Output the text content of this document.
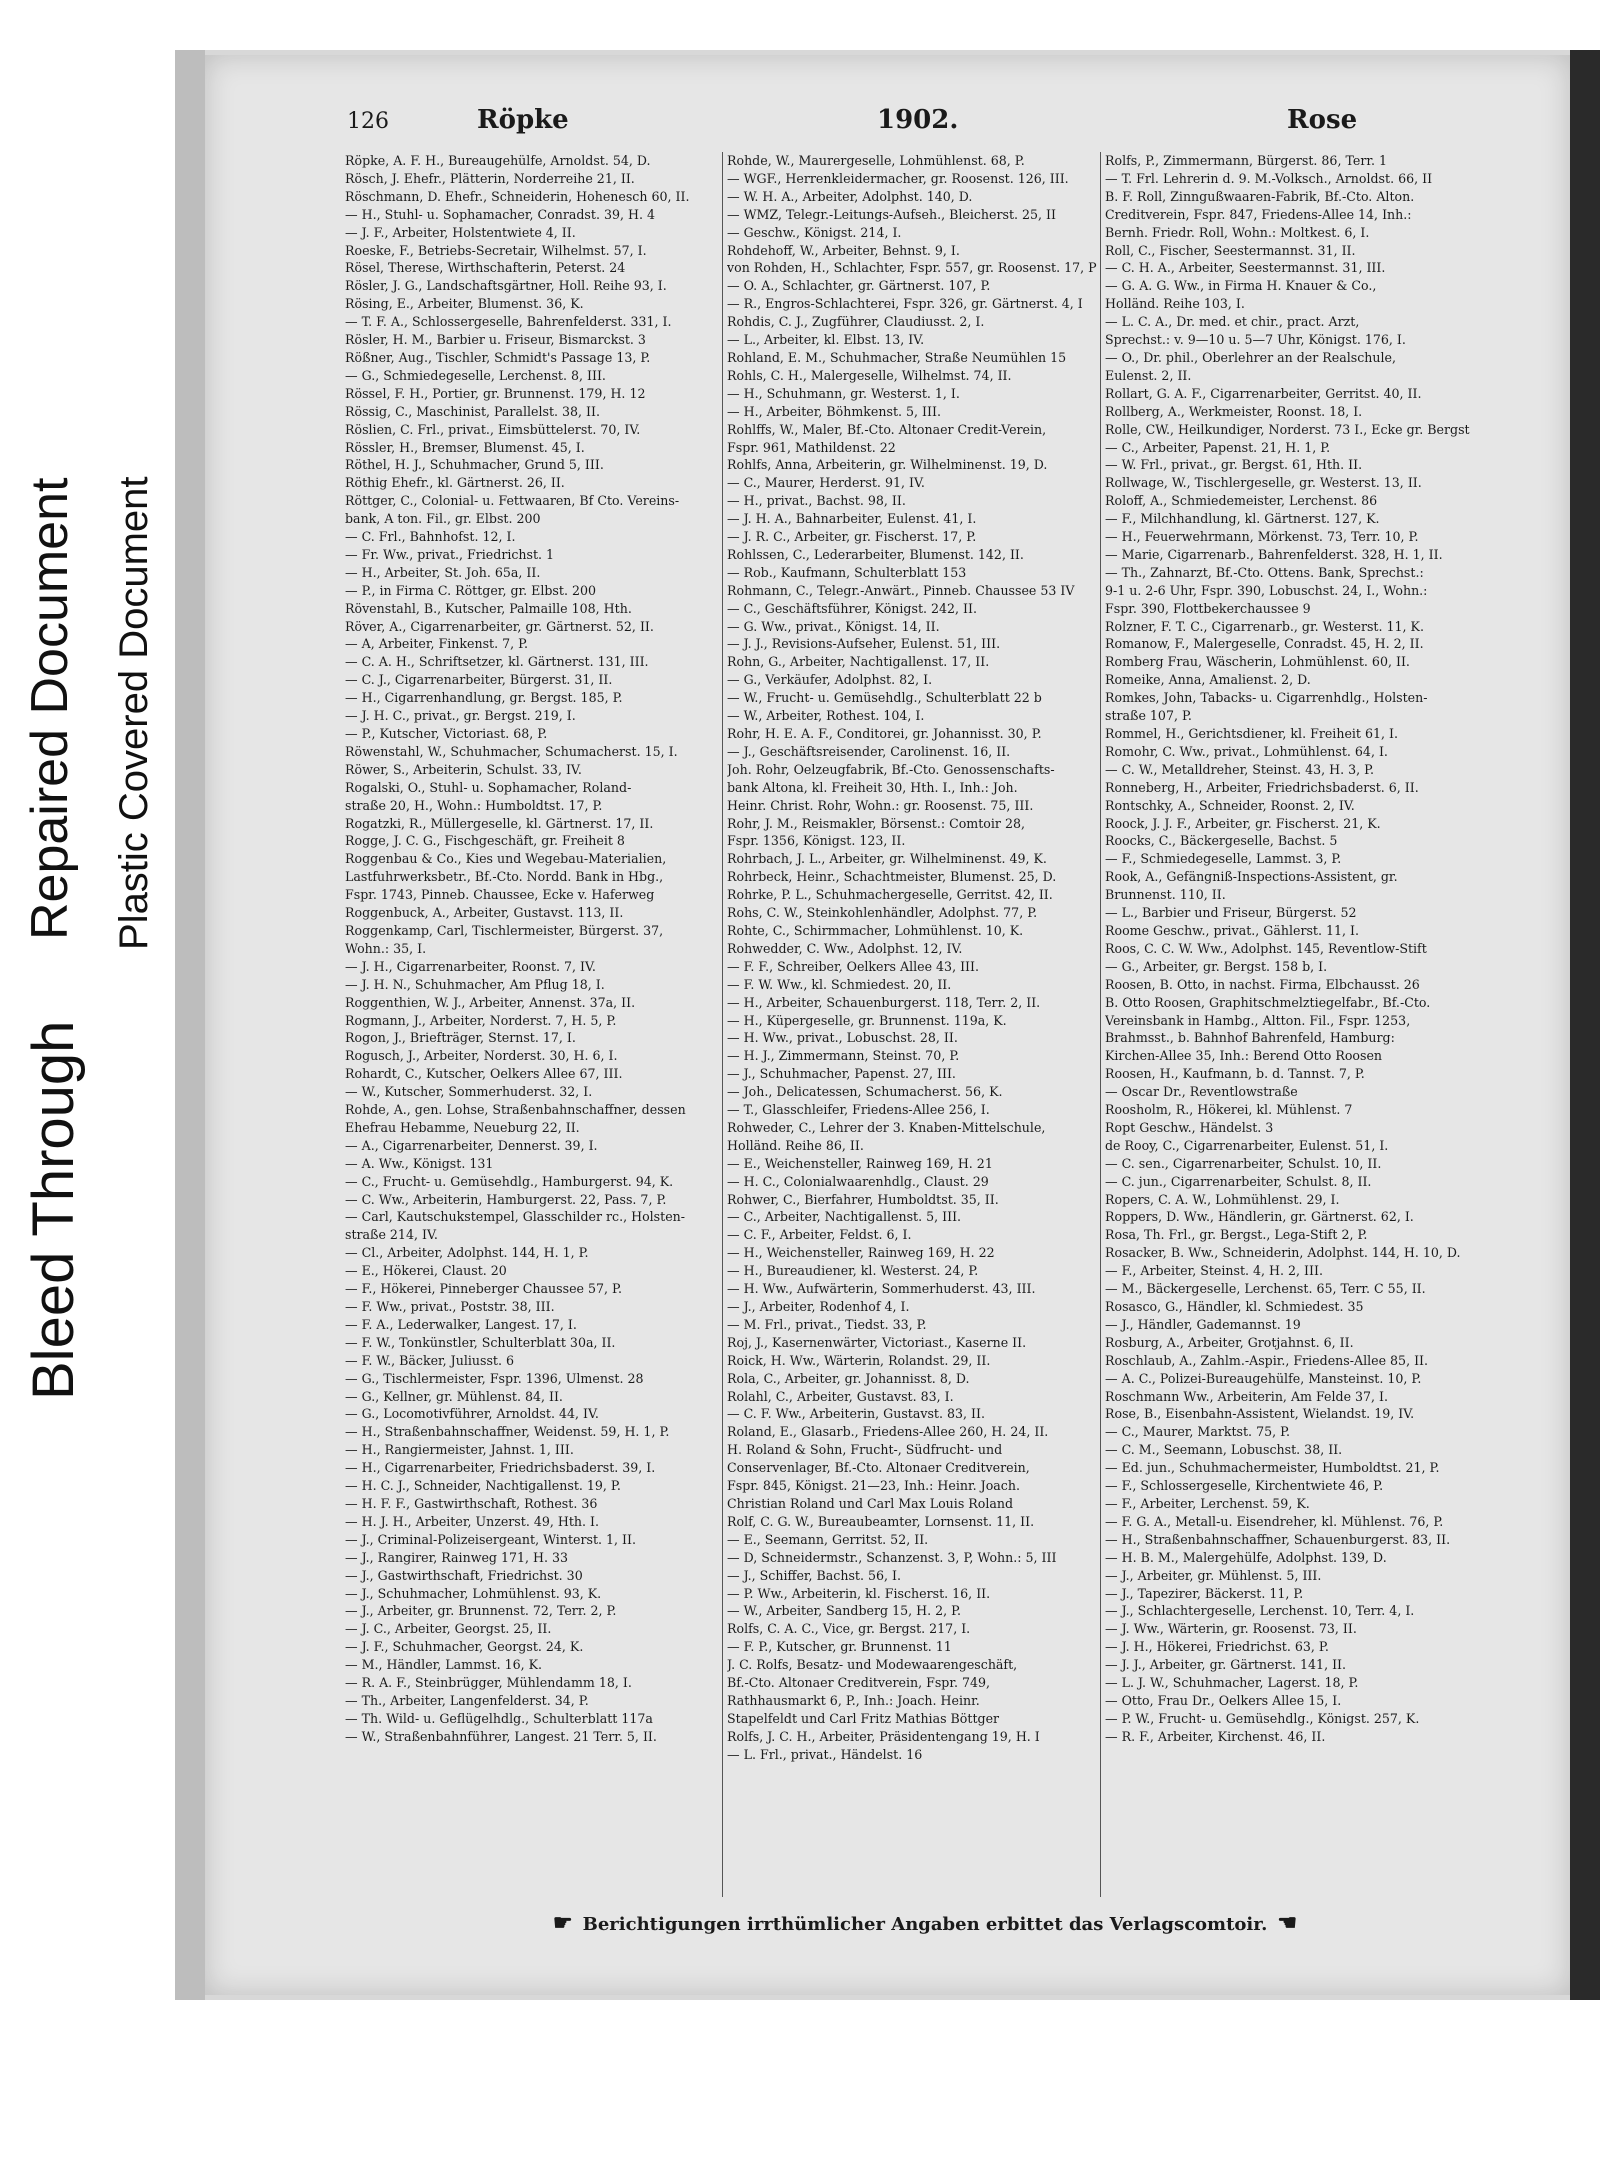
Bleed Through
Repaired Document Plastic Covered Document
126	Röpke	1902.	Rose
Röpke, A. F. H., Bureaugehülfe, Arnoldst. 54, D.
Rösch, J. Ehefr., Plätterin, Norderreihe 21, II.
Röschmann, D. Ehefr., Schneiderin, Hohenesch 60, II.
— H., Stuhl- u. Sophamacher, Conradst. 39, H. 4
— J. F., Arbeiter, Holstentwiete 4, II.
Roeske, F., Betriebs-Secretair, Wilhelmst. 57, I.
Rösel, Therese, Wirthschafterin, Peterst. 24
Rösler, J. G., Landschaftsgärtner, Holl. Reihe 93, I.
Rösing, E., Arbeiter, Blumenst. 36, K.
— T. F. A., Schlossergeselle, Bahrenfelderst. 331, I.
Rösler, H. M., Barbier u. Friseur, Bismarckst. 3
Rößner, Aug., Tischler, Schmidt's Passage 13, P.
— G., Schmiedegeselle, Lerchenst. 8, III.
Rössel, F. H., Portier, gr. Brunnenst. 179, H. 12
Rössig, C., Maschinist, Parallelst. 38, II.
Röslien, C. Frl., privat., Eimsbüttelerst. 70, IV.
Rössler, H., Bremser, Blumenst. 45, I.
Röthel, H. J., Schuhmacher, Grund 5, III.
Röthig Ehefr., kl. Gärtnerst. 26, II.
Röttger, C., Colonial- u. Fettwaaren, Bf Cto. Vereins-
bank, A ton. Fil., gr. Elbst. 200
— C. Frl., Bahnhofst. 12, I.
— Fr. Ww., privat., Friedrichst. 1
— H., Arbeiter, St. Joh. 65a, II.
— P., in Firma C. Röttger, gr. Elbst. 200
Rövenstahl, B., Kutscher, Palmaille 108, Hth.
Röver, A., Cigarrenarbeiter, gr. Gärtnerst. 52, II.
— A, Arbeiter, Finkenst. 7, P.
— C. A. H., Schriftsetzer, kl. Gärtnerst. 131, III.
— C. J., Cigarrenarbeiter, Bürgerst. 31, II.
— H., Cigarrenhandlung, gr. Bergst. 185, P.
— J. H. C., privat., gr. Bergst. 219, I.
— P., Kutscher, Victoriast. 68, P.
Röwenstahl, W., Schuhmacher, Schumacherst. 15, I.
Röwer, S., Arbeiterin, Schulst. 33, IV.
Rogalski, O., Stuhl- u. Sophamacher, Roland-
straße 20, H., Wohn.: Humboldtst. 17, P.
Rogatzki, R., Müllergeselle, kl. Gärtnerst. 17, II.
Rogge, J. C. G., Fischgeschäft, gr. Freiheit 8
Roggenbau & Co., Kies und Wegebau-Materialien,
Lastfuhrwerksbetr., Bf.-Cto. Nordd. Bank in Hbg.,
Fspr. 1743, Pinneb. Chaussee, Ecke v. Haferweg
Roggenbuck, A., Arbeiter, Gustavst. 113, II.
Roggenkamp, Carl, Tischlermeister, Bürgerst. 37,
Wohn.: 35, I.
— J. H., Cigarrenarbeiter, Roonst. 7, IV.
— J. H. N., Schuhmacher, Am Pflug 18, I.
Roggenthien, W. J., Arbeiter, Annenst. 37a, II.
Rogmann, J., Arbeiter, Norderst. 7, H. 5, P.
Rogon, J., Briefträger, Sternst. 17, I.
Rogusch, J., Arbeiter, Norderst. 30, H. 6, I.
Rohardt, C., Kutscher, Oelkers Allee 67, III.
— W., Kutscher, Sommerhuderst. 32, I.
Rohde, A., gen. Lohse, Straßenbahnschaffner, dessen
Ehefrau Hebamme, Neueburg 22, II.
— A., Cigarrenarbeiter, Dennerst. 39, I.
— A. Ww., Königst. 131
— C., Frucht- u. Gemüsehdlg., Hamburgerst. 94, K.
— C. Ww., Arbeiterin, Hamburgerst. 22, Pass. 7, P.
— Carl, Kautschukstempel, Glasschilder rc., Holsten-
straße 214, IV.
— Cl., Arbeiter, Adolphst. 144, H. 1, P.
— E., Hökerei, Claust. 20
— F., Hökerei, Pinneberger Chaussee 57, P.
— F. Ww., privat., Poststr. 38, III.
— F. A., Lederwalker, Langest. 17, I.
— F. W., Tonkünstler, Schulterblatt 30a, II.
— F. W., Bäcker, Juliusst. 6
— G., Tischlermeister, Fspr. 1396, Ulmenst. 28
— G., Kellner, gr. Mühlenst. 84, II.
— G., Locomotivführer, Arnoldst. 44, IV.
— H., Straßenbahnschaffner, Weidenst. 59, H. 1, P.
— H., Rangiermeister, Jahnst. 1, III.
— H., Cigarrenarbeiter, Friedrichsbaderst. 39, I.
— H. C. J., Schneider, Nachtigallenst. 19, P.
— H. F. F., Gastwirthschaft, Rothest. 36
— H. J. H., Arbeiter, Unzerst. 49, Hth. I.
— J., Criminal-Polizeisergeant, Winterst. 1, II.
— J., Rangirer, Rainweg 171, H. 33
— J., Gastwirthschaft, Friedrichst. 30
— J., Schuhmacher, Lohmühlenst. 93, K.
— J., Arbeiter, gr. Brunnenst. 72, Terr. 2, P.
— J. C., Arbeiter, Georgst. 25, II.
— J. F., Schuhmacher, Georgst. 24, K.
— M., Händler, Lammst. 16, K.
— R. A. F., Steinbrügger, Mühlendamm 18, I.
— Th., Arbeiter, Langenfelderst. 34, P.
— Th. Wild- u. Geflügelhdlg., Schulterblatt 117a
— W., Straßenbahnführer, Langest. 21 Terr. 5, II.
Rohde, W., Maurergeselle, Lohmühlenst. 68, P.
— WGF., Herrenkleidermacher, gr. Roosenst. 126, III.
— W. H. A., Arbeiter, Adolphst. 140, D.
— WMZ, Telegr.-Leitungs-Aufseh., Bleicherst. 25, II
— Geschw., Königst. 214, I.
Rohdehoff, W., Arbeiter, Behnst. 9, I.
von Rohden, H., Schlachter, Fspr. 557, gr. Roosenst. 17, P
— O. A., Schlachter, gr. Gärtnerst. 107, P.
— R., Engros-Schlachterei, Fspr. 326, gr. Gärtnerst. 4, I
Rohdis, C. J., Zugführer, Claudiusst. 2, I.
— L., Arbeiter, kl. Elbst. 13, IV.
Rohland, E. M., Schuhmacher, Straße Neumühlen 15
Rohls, C. H., Malergeselle, Wilhelmst. 74, II.
— H., Schuhmann, gr. Westerst. 1, I.
— H., Arbeiter, Böhmkenst. 5, III.
Rohlffs, W., Maler, Bf.-Cto. Altonaer Credit-Verein,
Fspr. 961, Mathildenst. 22
Rohlfs, Anna, Arbeiterin, gr. Wilhelminenst. 19, D.
— C., Maurer, Herderst. 91, IV.
— H., privat., Bachst. 98, II.
— J. H. A., Bahnarbeiter, Eulenst. 41, I.
— J. R. C., Arbeiter, gr. Fischerst. 17, P.
Rohlssen, C., Lederarbeiter, Blumenst. 142, II.
— Rob., Kaufmann, Schulterblatt 153
Rohmann, C., Telegr.-Anwärt., Pinneb. Chaussee 53 IV
— C., Geschäftsführer, Königst. 242, II.
— G. Ww., privat., Königst. 14, II.
— J. J., Revisions-Aufseher, Eulenst. 51, III.
Rohn, G., Arbeiter, Nachtigallenst. 17, II.
— G., Verkäufer, Adolphst. 82, I.
— W., Frucht- u. Gemüsehdlg., Schulterblatt 22 b
— W., Arbeiter, Rothest. 104, I.
Rohr, H. E. A. F., Conditorei, gr. Johannisst. 30, P.
— J., Geschäftsreisender, Carolinenst. 16, II.
Joh. Rohr, Oelzeugfabrik, Bf.-Cto. Genossenschafts-
bank Altona, kl. Freiheit 30, Hth. I., Inh.: Joh.
Heinr. Christ. Rohr, Wohn.: gr. Roosenst. 75, III.
Rohr, J. M., Reismakler, Börsenst.: Comtoir 28,
Fspr. 1356, Königst. 123, II.
Rohrbach, J. L., Arbeiter, gr. Wilhelminenst. 49, K.
Rohrbeck, Heinr., Schachtmeister, Blumenst. 25, D.
Rohrke, P. L., Schuhmachergeselle, Gerritst. 42, II.
Rohs, C. W., Steinkohlenhändler, Adolphst. 77, P.
Rohte, C., Schirmmacher, Lohmühlenst. 10, K.
Rohwedder, C. Ww., Adolphst. 12, IV.
— F. F., Schreiber, Oelkers Allee 43, III.
— F. W. Ww., kl. Schmiedest. 20, II.
— H., Arbeiter, Schauenburgerst. 118, Terr. 2, II.
— H., Küpergeselle, gr. Brunnenst. 119a, K.
— H. Ww., privat., Lobuschst. 28, II.
— H. J., Zimmermann, Steinst. 70, P.
— J., Schuhmacher, Papenst. 27, III.
— Joh., Delicatessen, Schumacherst. 56, K.
— T., Glasschleifer, Friedens-Allee 256, I.
Rohweder, C., Lehrer der 3. Knaben-Mittelschule,
Holländ. Reihe 86, II.
— E., Weichensteller, Rainweg 169, H. 21
— H. C., Colonialwaarenhdlg., Claust. 29
Rohwer, C., Bierfahrer, Humboldtst. 35, II.
— C., Arbeiter, Nachtigallenst. 5, III.
— C. F., Arbeiter, Feldst. 6, I.
— H., Weichensteller, Rainweg 169, H. 22
— H., Bureaudiener, kl. Westerst. 24, P.
— H. Ww., Aufwärterin, Sommerhuderst. 43, III.
— J., Arbeiter, Rodenhof 4, I.
— M. Frl., privat., Tiedst. 33, P.
Roj, J., Kasernenwärter, Victoriast., Kaserne II.
Roick, H. Ww., Wärterin, Rolandst. 29, II.
Rola, C., Arbeiter, gr. Johannisst. 8, D.
Rolahl, C., Arbeiter, Gustavst. 83, I.
— C. F. Ww., Arbeiterin, Gustavst. 83, II.
Roland, E., Glasarb., Friedens-Allee 260, H. 24, II.
H. Roland & Sohn, Frucht-, Südfrucht- und
Conservenlager, Bf.-Cto. Altonaer Creditverein,
Fspr. 845, Königst. 21—23, Inh.: Heinr. Joach.
Christian Roland und Carl Max Louis Roland
Rolf, C. G. W., Bureaubeamter, Lornsenst. 11, II.
— E., Seemann, Gerritst. 52, II.
— D, Schneidermstr., Schanzenst. 3, P, Wohn.: 5, III
— J., Schiffer, Bachst. 56, I.
— P. Ww., Arbeiterin, kl. Fischerst. 16, II.
— W., Arbeiter, Sandberg 15, H. 2, P.
Rolfs, C. A. C., Vice, gr. Bergst. 217, I.
— F. P., Kutscher, gr. Brunnenst. 11
J. C. Rolfs, Besatz- und Modewaarengeschäft,
Bf.-Cto. Altonaer Creditverein, Fspr. 749,
Rathhausmarkt 6, P., Inh.: Joach. Heinr.
Stapelfeldt und Carl Fritz Mathias Böttger
Rolfs, J. C. H., Arbeiter, Präsidentengang 19, H. I
— L. Frl., privat., Händelst. 16
Rolfs, P., Zimmermann, Bürgerst. 86, Terr. 1
— T. Frl. Lehrerin d. 9. M.-Volksch., Arnoldst. 66, II
B. F. Roll, Zinngußwaaren-Fabrik, Bf.-Cto. Alton.
Creditverein, Fspr. 847, Friedens-Allee 14, Inh.:
Bernh. Friedr. Roll, Wohn.: Moltkest. 6, I.
Roll, C., Fischer, Seestermannst. 31, II.
— C. H. A., Arbeiter, Seestermannst. 31, III.
— G. A. G. Ww., in Firma H. Knauer & Co.,
Holländ. Reihe 103, I.
— L. C. A., Dr. med. et chir., pract. Arzt,
Sprechst.: v. 9—10 u. 5—7 Uhr, Königst. 176, I.
— O., Dr. phil., Oberlehrer an der Realschule,
Eulenst. 2, II.
Rollart, G. A. F., Cigarrenarbeiter, Gerritst. 40, II.
Rollberg, A., Werkmeister, Roonst. 18, I.
Rolle, CW., Heilkundiger, Norderst. 73 I., Ecke gr. Bergst
— C., Arbeiter, Papenst. 21, H. 1, P.
— W. Frl., privat., gr. Bergst. 61, Hth. II.
Rollwage, W., Tischlergeselle, gr. Westerst. 13, II.
Roloff, A., Schmiedemeister, Lerchenst. 86
— F., Milchhandlung, kl. Gärtnerst. 127, K.
— H., Feuerwehrmann, Mörkenst. 73, Terr. 10, P.
— Marie, Cigarrenarb., Bahrenfelderst. 328, H. 1, II.
— Th., Zahnarzt, Bf.-Cto. Ottens. Bank, Sprechst.:
9-1 u. 2-6 Uhr, Fspr. 390, Lobuschst. 24, I., Wohn.:
Fspr. 390, Flottbekerchaussee 9
Rolzner, F. T. C., Cigarrenarb., gr. Westerst. 11, K.
Romanow, F., Malergeselle, Conradst. 45, H. 2, II.
Romberg Frau, Wäscherin, Lohmühlenst. 60, II.
Romeike, Anna, Amalienst. 2, D.
Romkes, John, Tabacks- u. Cigarrenhdlg., Holsten-
straße 107, P.
Rommel, H., Gerichtsdiener, kl. Freiheit 61, I.
Romohr, C. Ww., privat., Lohmühlenst. 64, I.
— C. W., Metalldreher, Steinst. 43, H. 3, P.
Ronneberg, H., Arbeiter, Friedrichsbaderst. 6, II.
Rontschky, A., Schneider, Roonst. 2, IV.
Roock, J. J. F., Arbeiter, gr. Fischerst. 21, K.
Roocks, C., Bäckergeselle, Bachst. 5
— F., Schmiedegeselle, Lammst. 3, P.
Rook, A., Gefängniß-Inspections-Assistent, gr.
Brunnenst. 110, II.
— L., Barbier und Friseur, Bürgerst. 52
Roome Geschw., privat., Gählerst. 11, I.
Roos, C. C. W. Ww., Adolphst. 145, Reventlow-Stift
— G., Arbeiter, gr. Bergst. 158 b, I.
Roosen, B. Otto, in nachst. Firma, Elbchausst. 26
B. Otto Roosen, Graphitschmelztiegelfabr., Bf.-Cto.
Vereinsbank in Hambg., Altton. Fil., Fspr. 1253,
Brahmsst., b. Bahnhof Bahrenfeld, Hamburg:
Kirchen-Allee 35, Inh.: Berend Otto Roosen
Roosen, H., Kaufmann, b. d. Tannst. 7, P.
— Oscar Dr., Reventlowstraße
Roosholm, R., Hökerei, kl. Mühlenst. 7
Ropt Geschw., Händelst. 3
de Rooy, C., Cigarrenarbeiter, Eulenst. 51, I.
— C. sen., Cigarrenarbeiter, Schulst. 10, II.
— C. jun., Cigarrenarbeiter, Schulst. 8, II.
Ropers, C. A. W., Lohmühlenst. 29, I.
Roppers, D. Ww., Händlerin, gr. Gärtnerst. 62, I.
Rosa, Th. Frl., gr. Bergst., Lega-Stift 2, P.
Rosacker, B. Ww., Schneiderin, Adolphst. 144, H. 10, D.
— F., Arbeiter, Steinst. 4, H. 2, III.
— M., Bäckergeselle, Lerchenst. 65, Terr. C 55, II.
Rosasco, G., Händler, kl. Schmiedest. 35
— J., Händler, Gademannst. 19
Rosburg, A., Arbeiter, Grotjahnst. 6, II.
Roschlaub, A., Zahlm.-Aspir., Friedens-Allee 85, II.
— A. C., Polizei-Bureaugehülfe, Mansteinst. 10, P.
Roschmann Ww., Arbeiterin, Am Felde 37, I.
Rose, B., Eisenbahn-Assistent, Wielandst. 19, IV.
— C., Maurer, Marktst. 75, P.
— C. M., Seemann, Lobuschst. 38, II.
— Ed. jun., Schuhmachermeister, Humboldtst. 21, P.
— F., Schlossergeselle, Kirchentwiete 46, P.
— F., Arbeiter, Lerchenst. 59, K.
— F. G. A., Metall-u. Eisendreher, kl. Mühlenst. 76, P.
— H., Straßenbahnschaffner, Schauenburgerst. 83, II.
— H. B. M., Malergehülfe, Adolphst. 139, D.
— J., Arbeiter, gr. Mühlenst. 5, III.
— J., Tapezirer, Bäckerst. 11, P.
— J., Schlachtergeselle, Lerchenst. 10, Terr. 4, I.
— J. Ww., Wärterin, gr. Roosenst. 73, II.
— J. H., Hökerei, Friedrichst. 63, P.
— J. J., Arbeiter, gr. Gärtnerst. 141, II.
— L. J. W., Schuhmacher, Lagerst. 18, P.
— Otto, Frau Dr., Oelkers Allee 15, I.
— P. W., Frucht- u. Gemüsehdlg., Königst. 257, K.
— R. F., Arbeiter, Kirchenst. 46, II.
☛ Berichtigungen irrthümlicher Angaben erbittet das Verlagscomtoir. ☚
